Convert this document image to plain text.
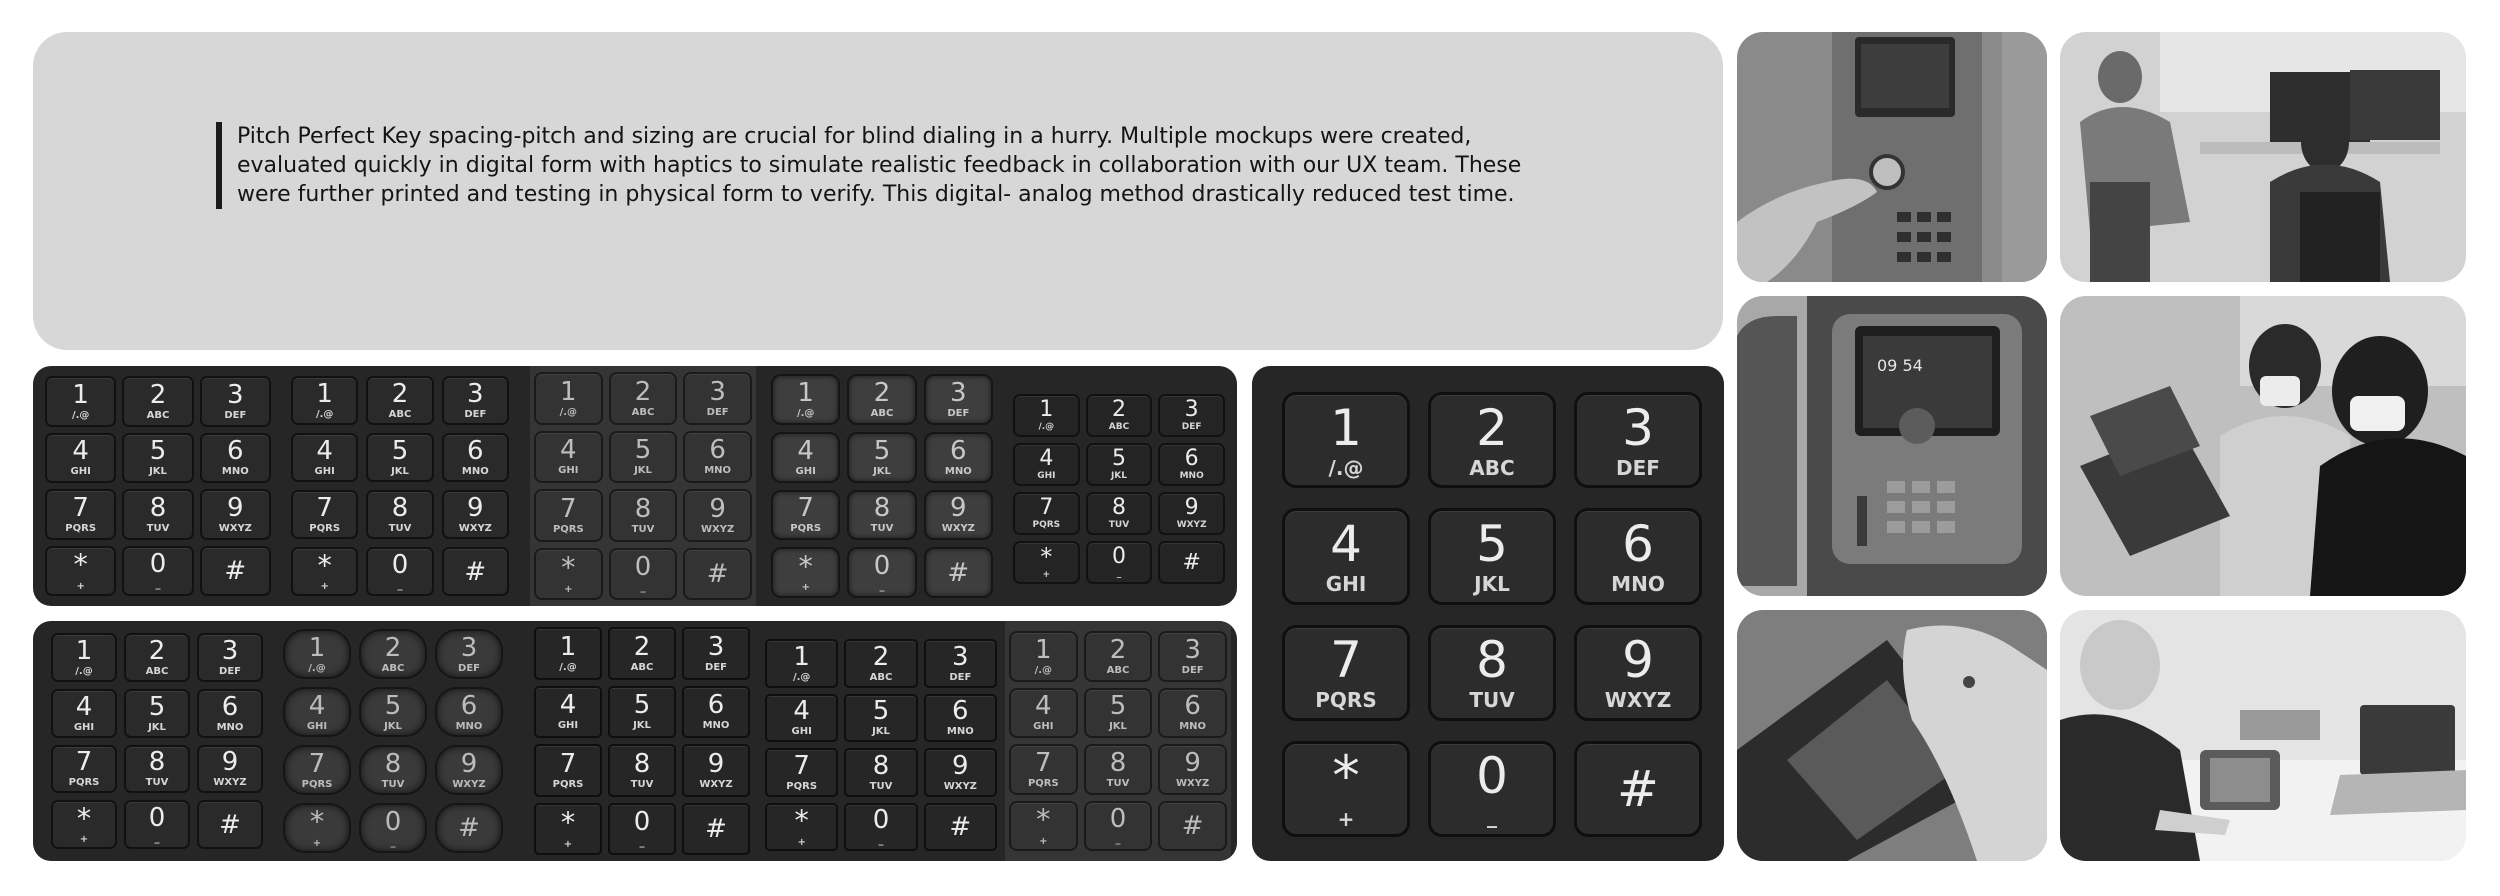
Pitch Perfect Key spacing-pitch and sizing are crucial for blind dialing in a hurry. Multiple mockups were created, evaluated quickly in digital form with haptics to simulate realistic feedback in collaboration with our UX team. These were further printed and testing in physical form to verify. This digital- analog method drastically reduced test time.
1
/.@
2
ABC
3
DEF
4
GHI
5
JKL
6
MNO
7
PQRS
8
TUV
9
WXYZ
*
+
0
_ #
1
/.@
2
ABC
3
DEF
4
GHI
5
JKL
6
MNO
7
PQRS
8
TUV
9
WXYZ
*
+
0
_ #
1
/.@
2
ABC
3
DEF
4
GHI
5
JKL
6
MNO
7
PQRS
8
TUV
9
WXYZ
*
+
0
_ #
1
/.@
2
ABC
3
DEF
4
GHI
5
JKL
6
MNO
7
PQRS
8
TUV
9
WXYZ
*
+
0
_ #
1
/.@
2
ABC
3
DEF
4
GHI
5
JKL
6
MNO
7
PQRS
8
TUV
9
WXYZ
*
+
0
_	#
1
/.@
2
ABC
3
DEF
4
GHI
5
JKL
6
MNO
7
PQRS
8
TUV
9
WXYZ
*
+
0
_ #
1
/.@
2
ABC
3
DEF
4
GHI
5
JKL
6
MNO
7
PQRS
8
TUV
9
WXYZ
*
+
0
_ #
1
/.@
2
ABC
3
DEF
4
GHI
5
JKL
6
MNO
7
PQRS
8
TUV
9
WXYZ
*
+
0
_ #
1
/.@
2
ABC
3
DEF
4
GHI
5
JKL
6
MNO
7
PQRS
8
TUV
9
WXYZ
*
+
0
_	#
1
/.@
2
ABC
3
DEF
4
GHI
5
JKL
6
MNO
7
PQRS
8
TUV
9
WXYZ
*
+
0
_ #
1
/.@
2
ABC
3
DEF
4
GHI
5
JKL
6
MNO
7
PQRS
8
TUV
9
WXYZ
*
+
0
_ #
09 54
